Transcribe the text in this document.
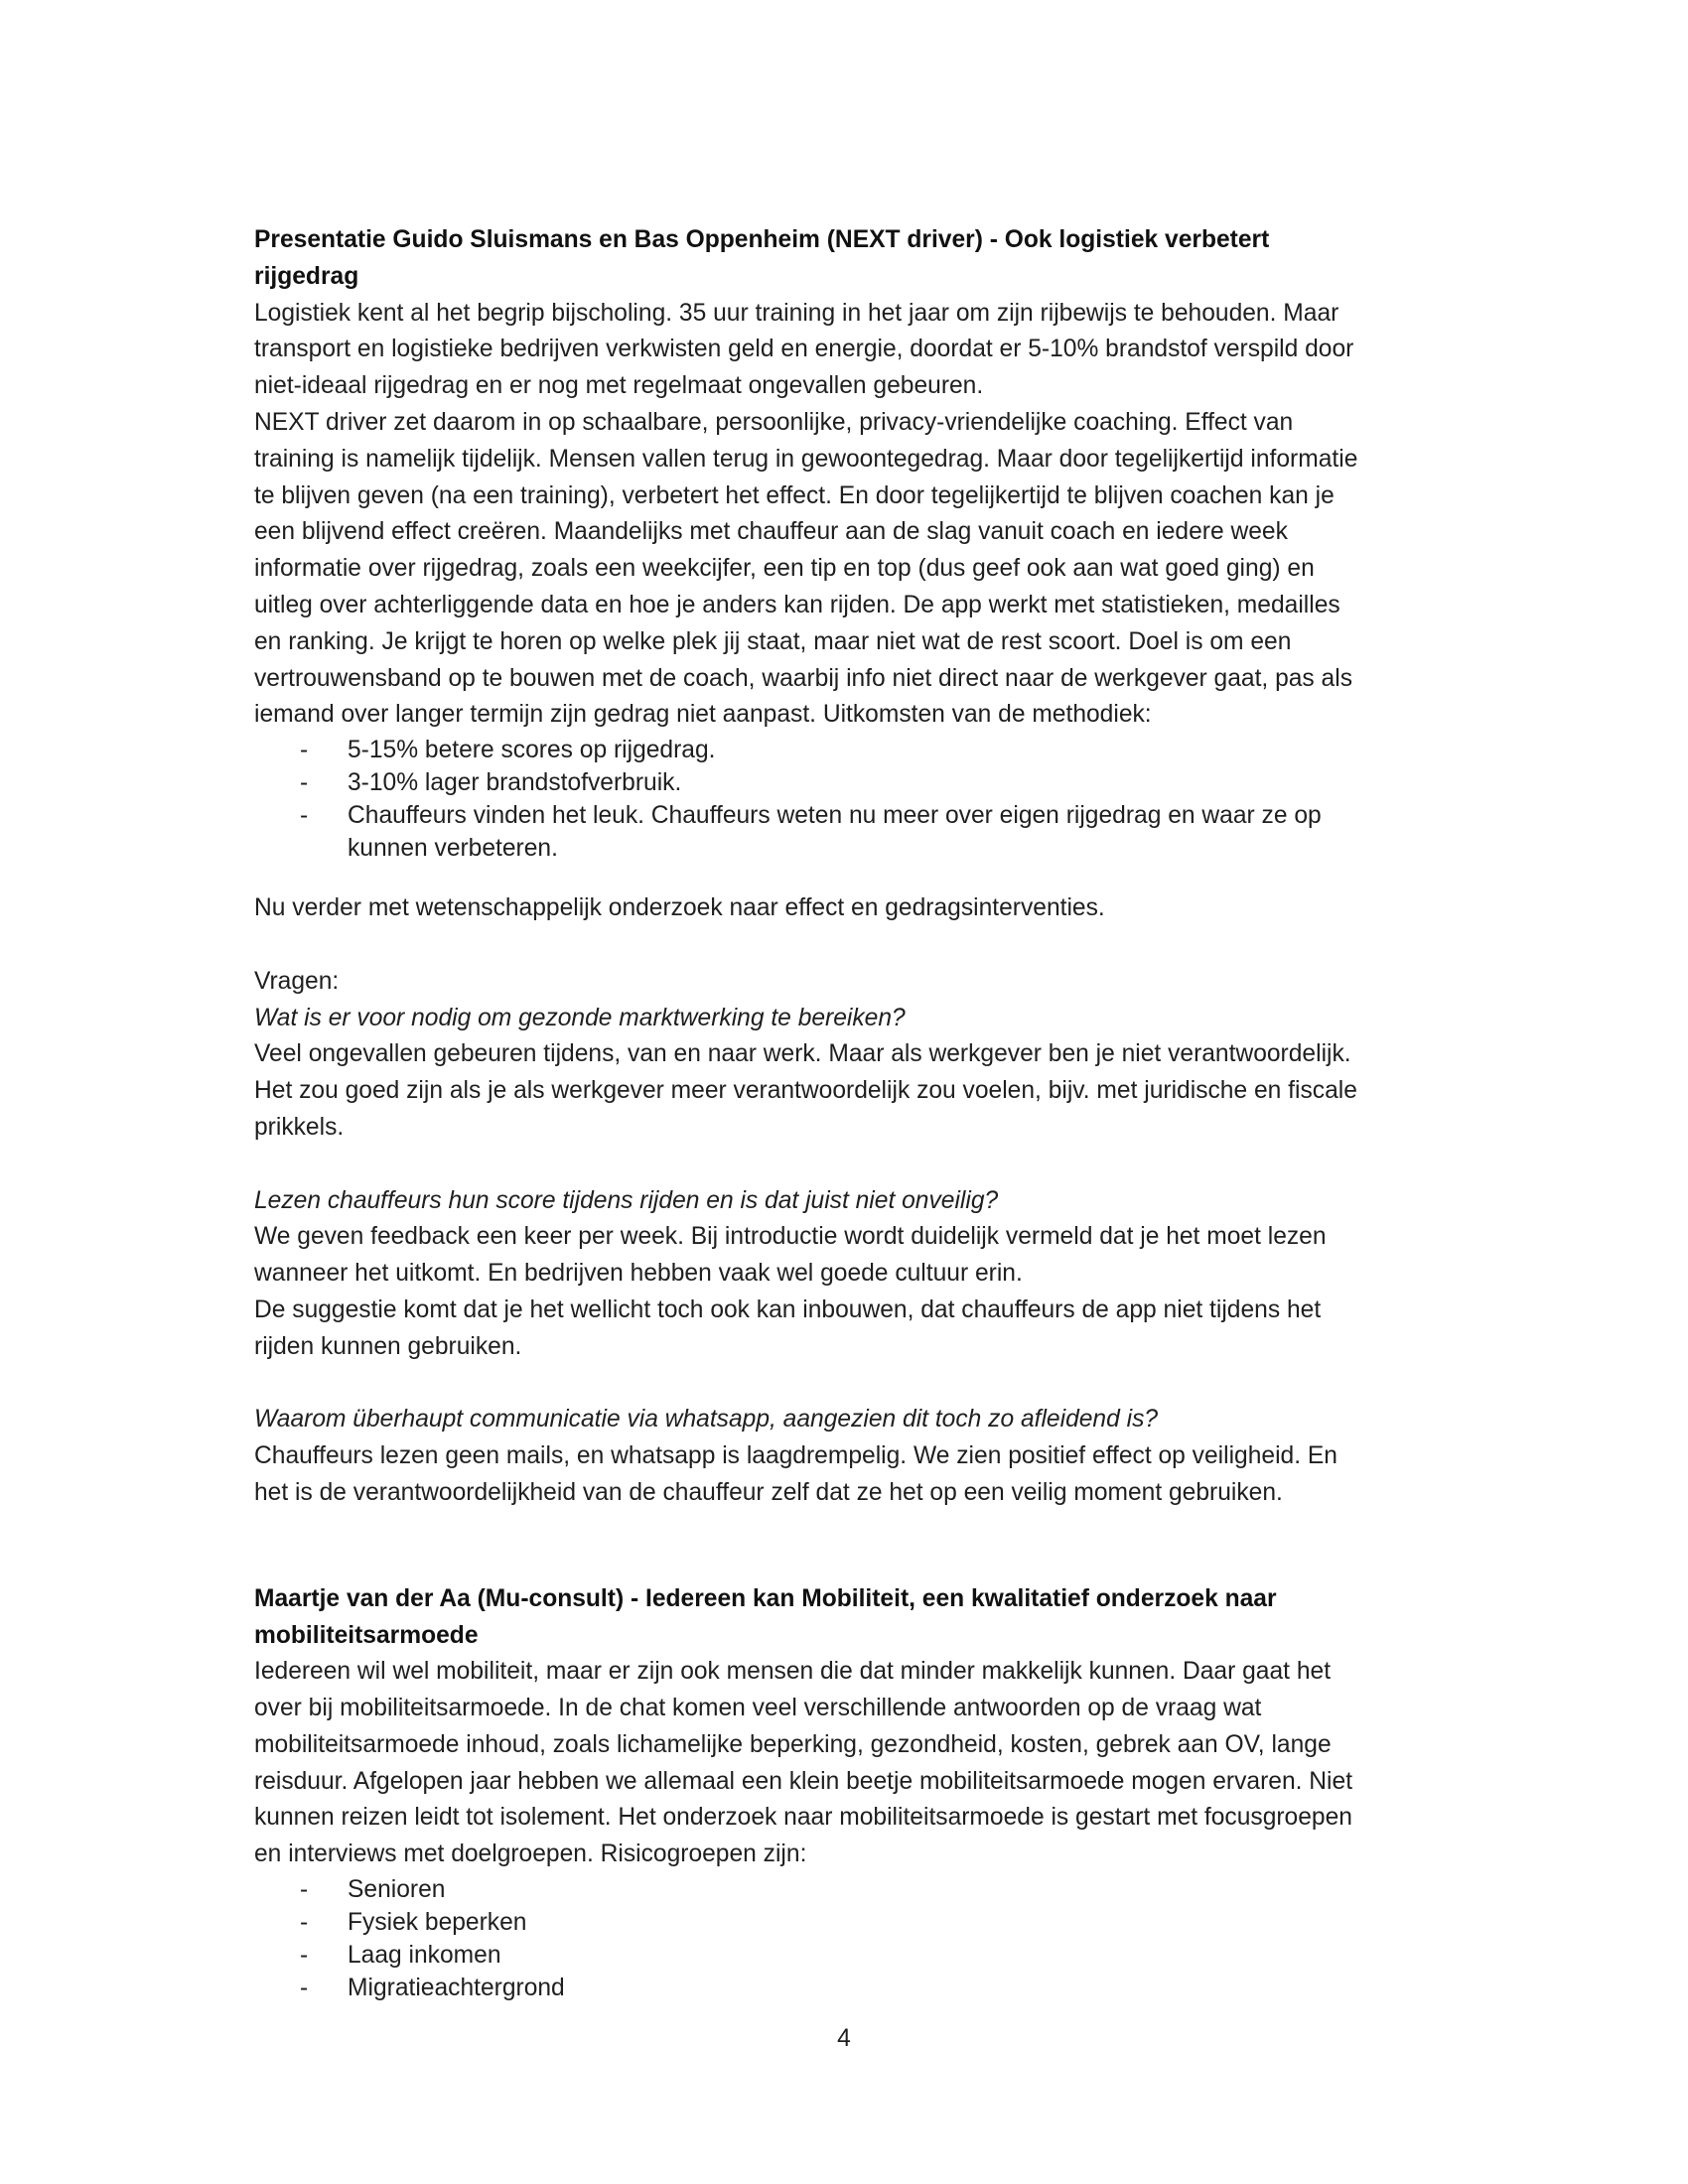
Presentatie Guido Sluismans en Bas Oppenheim (NEXT driver) - Ook logistiek verbetert
rijgedrag

Logistiek kent al het begrip bijscholing. 35 uur training in het jaar om zijn rijbewijs te behouden. Maar
transport en logistieke bedrijven verkwisten geld en energie, doordat er 5-10% brandstof verspild door
niet-ideaal rijgedrag en er nog met regelmaat ongevallen gebeuren.

NEXT driver zet daarom in op schaalbare, persoonlijke, privacy-vriendelijke coaching. Effect van
training is namelijk tijdelijk. Mensen vallen terug in gewoontegedrag. Maar door tegelijkertijd informatie
te blijven geven (na een training), verbetert het effect. En door tegelijkertijd te blijven coachen kan je
een blijvend effect creëren. Maandelijks met chauffeur aan de slag vanuit coach en iedere week
informatie over rijgedrag, zoals een weekcijfer, een tip en top (dus geef ook aan wat goed ging) en
uitleg over achterliggende data en hoe je anders kan rijden. De app werkt met statistieken, medailles
en ranking. Je krijgt te horen op welke plek jij staat, maar niet wat de rest scoort. Doel is om een
vertrouwensband op te bouwen met de coach, waarbij info niet direct naar de werkgever gaat, pas als
iemand over langer termijn zijn gedrag niet aanpast. Uitkomsten van de methodiek:

- 5-15% betere scores op rijgedrag.
- 3-10% lager brandstofverbruik.
- Chauffeurs vinden het leuk. Chauffeurs weten nu meer over eigen rijgedrag en waar ze op
kunnen verbeteren.

Nu verder met wetenschappelijk onderzoek naar effect en gedragsinterventies.

Vragen:

Wat is er voor nodig om gezonde marktwerking te bereiken?

Veel ongevallen gebeuren tijdens, van en naar werk. Maar als werkgever ben je niet verantwoordelijk.
Het zou goed zijn als je als werkgever meer verantwoordelijk zou voelen, bijv. met juridische en fiscale
prikkels.

Lezen chauffeurs hun score tijdens rijden en is dat juist niet onveilig?

We geven feedback een keer per week. Bij introductie wordt duidelijk vermeld dat je het moet lezen
wanneer het uitkomt. En bedrijven hebben vaak wel goede cultuur erin.
De suggestie komt dat je het wellicht toch ook kan inbouwen, dat chauffeurs de app niet tijdens het
rijden kunnen gebruiken.

Waarom überhaupt communicatie via whatsapp, aangezien dit toch zo afleidend is?

Chauffeurs lezen geen mails, en whatsapp is laagdrempelig. We zien positief effect op veiligheid. En
het is de verantwoordelijkheid van de chauffeur zelf dat ze het op een veilig moment gebruiken.

Maartje van der Aa (Mu-consult) - Iedereen kan Mobiliteit, een kwalitatief onderzoek naar
mobiliteitsarmoede

Iedereen wil wel mobiliteit, maar er zijn ook mensen die dat minder makkelijk kunnen. Daar gaat het
over bij mobiliteitsarmoede. In de chat komen veel verschillende antwoorden op de vraag wat
mobiliteitsarmoede inhoud, zoals lichamelijke beperking, gezondheid, kosten, gebrek aan OV, lange
reisduur. Afgelopen jaar hebben we allemaal een klein beetje mobiliteitsarmoede mogen ervaren. Niet
kunnen reizen leidt tot isolement. Het onderzoek naar mobiliteitsarmoede is gestart met focusgroepen
en interviews met doelgroepen. Risicogroepen zijn:

- Senioren
- Fysiek beperken
- Laag inkomen
- Migratieachtergrond
4
